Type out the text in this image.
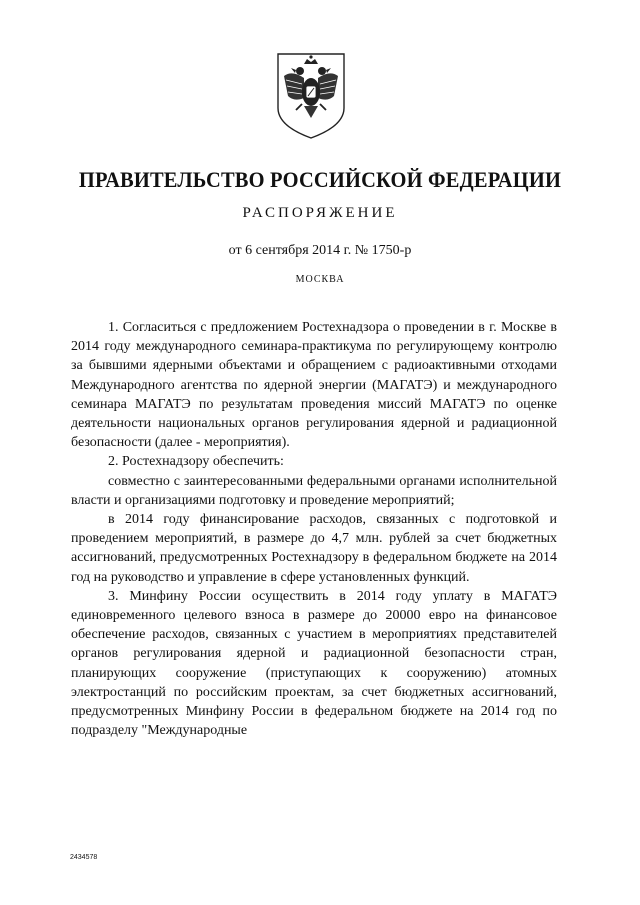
ПРАВИТЕЛЬСТВО РОССИЙСКОЙ ФЕДЕРАЦИИ
РАСПОРЯЖЕНИЕ
от 6 сентября 2014 г. № 1750-р
МОСКВА

1. Согласиться с предложением Ростехнадзора о проведении в г. Москве в 2014 году международного семинара-практикума по регулирующему контролю за бывшими ядерными объектами и обращением с радиоактивными отходами Международного агентства по ядерной энергии (МАГАТЭ) и международного семинара МАГАТЭ по результатам проведения миссий МАГАТЭ по оценке деятельности национальных органов регулирования ядерной и радиационной безопасности (далее - мероприятия).

2. Ростехнадзору обеспечить:

совместно с заинтересованными федеральными органами исполнительной власти и организациями подготовку и проведение мероприятий;

в 2014 году финансирование расходов, связанных с подготовкой и проведением мероприятий, в размере до 4,7 млн. рублей за счет бюджетных ассигнований, предусмотренных Ростехнадзору в федеральном бюджете на 2014 год на руководство и управление в сфере установленных функций.

3. Минфину России осуществить в 2014 году уплату в МАГАТЭ единовременного целевого взноса в размере до 20000 евро на финансовое обеспечение расходов, связанных с участием в мероприятиях представителей органов регулирования ядерной и радиационной безопасности стран, планирующих сооружение (приступающих к сооружению) атомных электростанций по российским проектам, за счет бюджетных ассигнований, предусмотренных Минфину России в федеральном бюджете на 2014 год по подразделу "Международные

2434578
